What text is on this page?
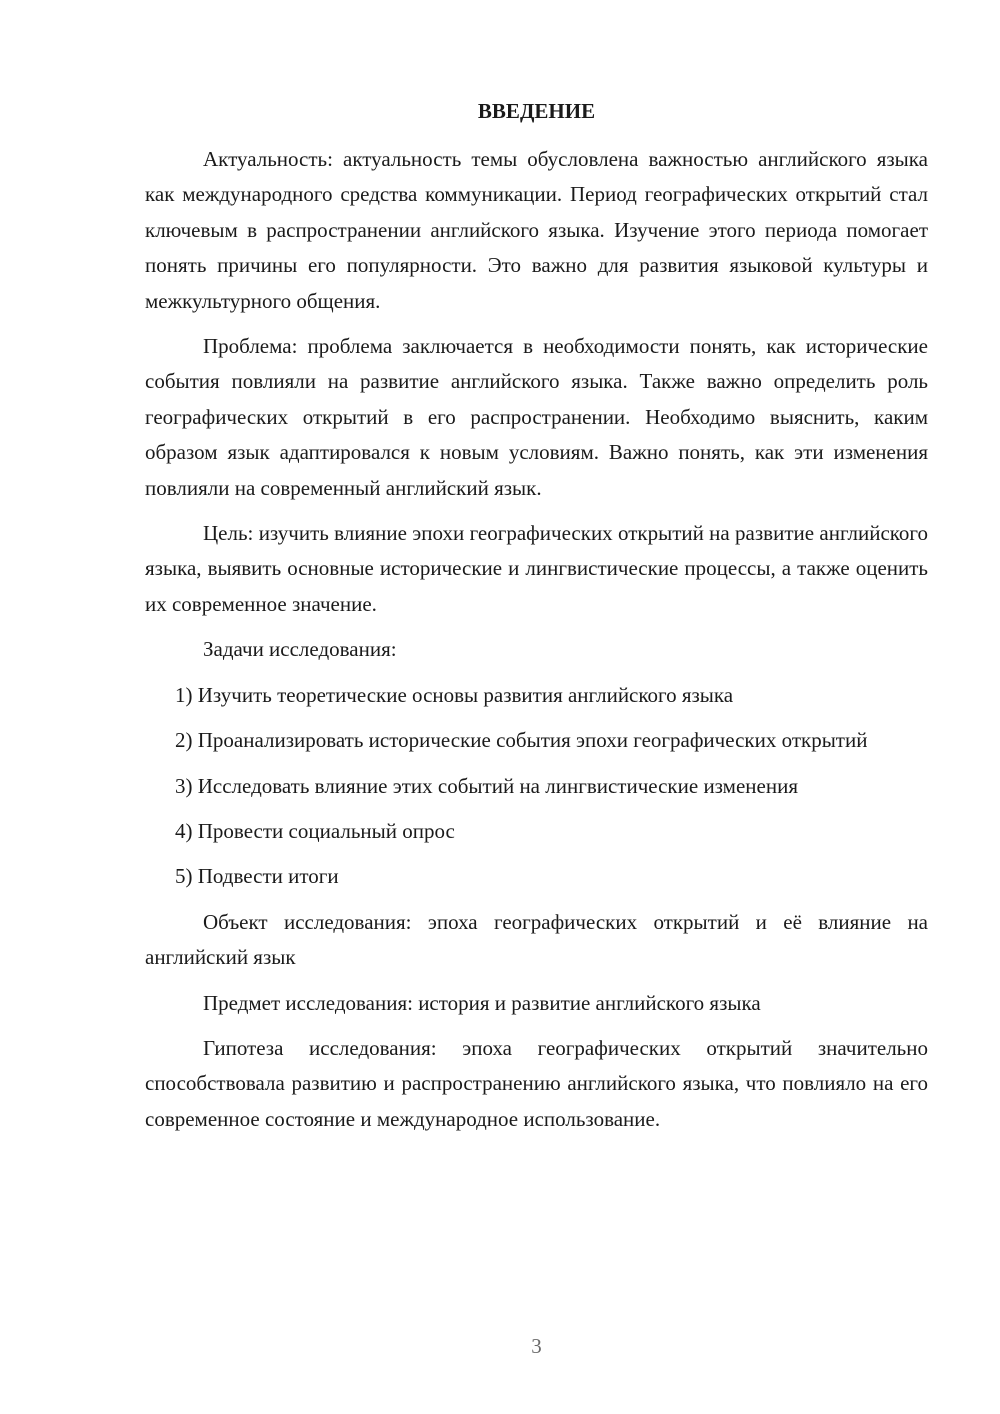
ВВЕДЕНИЕ

Актуальность: актуальность темы обусловлена важностью английского языка как международного средства коммуникации. Период географических открытий стал ключевым в распространении английского языка. Изучение этого периода помогает понять причины его популярности. Это важно для развития языковой культуры и межкультурного общения.

Проблема: проблема заключается в необходимости понять, как исторические события повлияли на развитие английского языка. Также важно определить роль географических открытий в его распространении. Необходимо выяснить, каким образом язык адаптировался к новым условиям. Важно понять, как эти изменения повлияли на современный английский язык.

Цель: изучить влияние эпохи географических открытий на развитие английского языка, выявить основные исторические и лингвистические процессы, а также оценить их современное значение.

Задачи исследования:

1) Изучить теоретические основы развития английского языка

2) Проанализировать исторические события эпохи географических открытий

3) Исследовать влияние этих событий на лингвистические изменения

4) Провести социальный опрос

5) Подвести итоги

Объект исследования: эпоха географических открытий и её влияние на английский язык

Предмет исследования: история и развитие английского языка

Гипотеза исследования: эпоха географических открытий значительно способствовала развитию и распространению английского языка, что повлияло на его современное состояние и международное использование.

3
